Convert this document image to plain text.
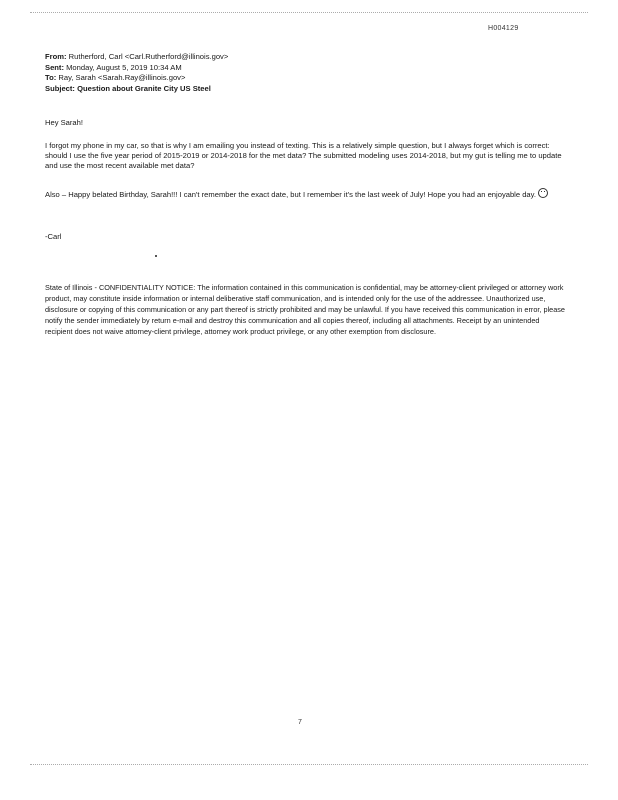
H004129
From: Rutherford, Carl <Carl.Rutherford@illinois.gov>
Sent: Monday, August 5, 2019 10:34 AM
To: Ray, Sarah <Sarah.Ray@illinois.gov>
Subject: Question about Granite City US Steel

Hey Sarah!

I forgot my phone in my car, so that is why I am emailing you instead of texting. This is a relatively simple question, but I always forget which is correct: should I use the five year period of 2015-2019 or 2014-2018 for the met data? The submitted modeling uses 2014-2018, but my gut is telling me to update and use the most recent available met data?

Also – Happy belated Birthday, Sarah!!! I can't remember the exact date, but I remember it's the last week of July! Hope you had an enjoyable day.

-Carl

State of Illinois - CONFIDENTIALITY NOTICE: The information contained in this communication is confidential, may be attorney-client privileged or attorney work product, may constitute inside information or internal deliberative staff communication, and is intended only for the use of the addressee. Unauthorized use, disclosure or copying of this communication or any part thereof is strictly prohibited and may be unlawful. If you have received this communication in error, please notify the sender immediately by return e-mail and destroy this communication and all copies thereof, including all attachments. Receipt by an unintended recipient does not waive attorney-client privilege, attorney work product privilege, or any other exemption from disclosure.

7
